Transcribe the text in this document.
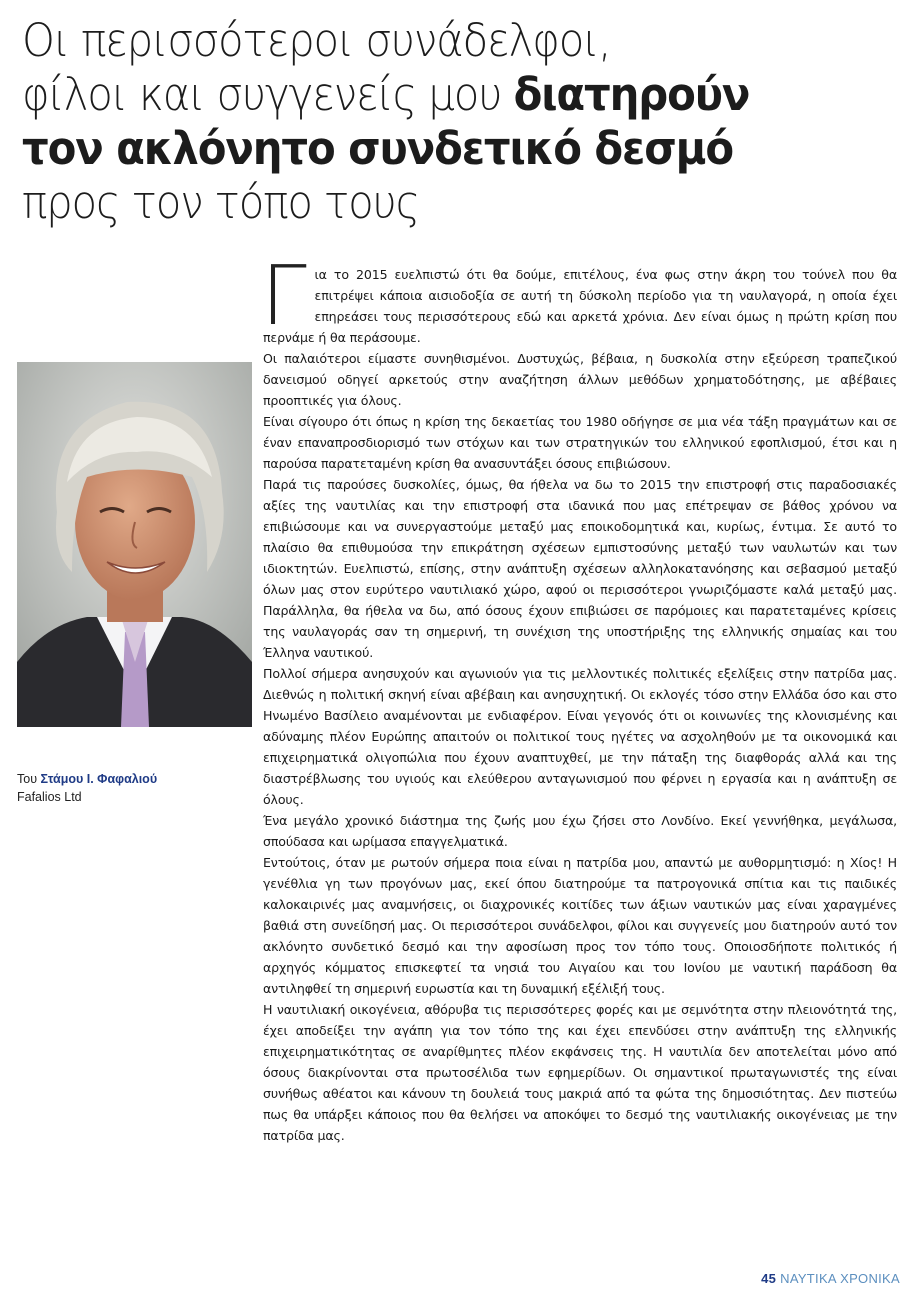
Οι περισσότεροι συνάδελφοι,
φίλοι και συγγενείς μου διατηρούν
τον ακλόνητο συνδετικό δεσμό
προς τον τόπο τους
Του Στάμου Ι. Φαφαλιού
Fafalios Ltd

Για το 2015 ευελπιστώ ότι θα δούμε, επιτέλους, ένα φως στην άκρη του τούνελ που θα επιτρέψει κάποια αισιοδοξία σε αυτή τη δύσκολη περίοδο για τη ναυλαγορά, η οποία έχει επηρεάσει τους περισσότερους εδώ και αρκετά χρόνια. Δεν είναι όμως η πρώτη κρίση που περνάμε ή θα περάσουμε.

Οι παλαιότεροι είμαστε συνηθισμένοι. Δυστυχώς, βέβαια, η δυσκολία στην εξεύρεση τραπεζικού δανεισμού οδηγεί αρκετούς στην αναζήτηση άλλων μεθόδων χρηματοδότησης, με αβέβαιες προοπτικές για όλους.

Είναι σίγουρο ότι όπως η κρίση της δεκαετίας του 1980 οδήγησε σε μια νέα τάξη πραγμάτων και σε έναν επαναπροσδιορισμό των στόχων και των στρατηγικών του ελληνικού εφοπλισμού, έτσι και η παρούσα παρατεταμένη κρίση θα ανασυντάξει όσους επιβιώσουν.

Παρά τις παρούσες δυσκολίες, όμως, θα ήθελα να δω το 2015 την επιστροφή στις παραδοσιακές αξίες της ναυτιλίας και την επιστροφή στα ιδανικά που μας επέτρεψαν σε βάθος χρόνου να επιβιώσουμε και να συνεργαστούμε μεταξύ μας εποικοδομητικά και, κυρίως, έντιμα. Σε αυτό το πλαίσιο θα επιθυμούσα την επικράτηση σχέσεων εμπιστοσύνης μεταξύ των ναυλωτών και των ιδιοκτητών. Ευελπιστώ, επίσης, στην ανάπτυξη σχέσεων αλληλοκατανόησης και σεβασμού μεταξύ όλων μας στον ευρύτερο ναυτιλιακό χώρο, αφού οι περισσότεροι γνωριζόμαστε καλά μεταξύ μας. Παράλληλα, θα ήθελα να δω, από όσους έχουν επιβιώσει σε παρόμοιες και παρατεταμένες κρίσεις της ναυλαγοράς σαν τη σημερινή, τη συνέχιση της υποστήριξης της ελληνικής σημαίας και του Έλληνα ναυτικού.

Πολλοί σήμερα ανησυχούν και αγωνιούν για τις μελλοντικές πολιτικές εξελίξεις στην πατρίδα μας. Διεθνώς η πολιτική σκηνή είναι αβέβαιη και ανησυχητική. Οι εκλογές τόσο στην Ελλάδα όσο και στο Ηνωμένο Βασίλειο αναμένονται με ενδιαφέρον. Είναι γεγονός ότι οι κοινωνίες της κλονισμένης και αδύναμης πλέον Ευρώπης απαιτούν οι πολιτικοί τους ηγέτες να ασχοληθούν με τα οικονομικά και επιχειρηματικά ολιγοπώλια που έχουν αναπτυχθεί, με την πάταξη της διαφθοράς αλλά και της διαστρέβλωσης του υγιούς και ελεύθερου ανταγωνισμού που φέρνει η εργασία και η ανάπτυξη σε όλους.

Ένα μεγάλο χρονικό διάστημα της ζωής μου έχω ζήσει στο Λονδίνο. Εκεί γεννήθηκα, μεγάλωσα, σπούδασα και ωρίμασα επαγγελματικά.

Εντούτοις, όταν με ρωτούν σήμερα ποια είναι η πατρίδα μου, απαντώ με αυθορμητισμό: η Χίος! Η γενέθλια γη των προγόνων μας, εκεί όπου διατηρούμε τα πατρογονικά σπίτια και τις παιδικές καλοκαιρινές μας αναμνήσεις, οι διαχρονικές κοιτίδες των άξιων ναυτικών μας είναι χαραγμένες βαθιά στη συνείδησή μας. Οι περισσότεροι συνάδελφοι, φίλοι και συγγενείς μου διατηρούν αυτό τον ακλόνητο συνδετικό δεσμό και την αφοσίωση προς τον τόπο τους. Οποιοσδήποτε πολιτικός ή αρχηγός κόμματος επισκεφτεί τα νησιά του Αιγαίου και του Ιονίου με ναυτική παράδοση θα αντιληφθεί τη σημερινή ευρωστία και τη δυναμική εξέλιξή τους.

Η ναυτιλιακή οικογένεια, αθόρυβα τις περισσότερες φορές και με σεμνότητα στην πλειονότητά της, έχει αποδείξει την αγάπη για τον τόπο της και έχει επενδύσει στην ανάπτυξη της ελληνικής επιχειρηματικότητας σε αναρίθμητες πλέον εκφάνσεις της. Η ναυτιλία δεν αποτελείται μόνο από όσους διακρίνονται στα πρωτοσέλιδα των εφημερίδων. Οι σημαντικοί πρωταγωνιστές της είναι συνήθως αθέατοι και κάνουν τη δουλειά τους μακριά από τα φώτα της δημοσιότητας. Δεν πιστεύω πως θα υπάρξει κάποιος που θα θελήσει να αποκόψει το δεσμό της ναυτιλιακής οικογένειας με την πατρίδα μας.

45 ΝΑΥΤΙΚΑ ΧΡΟΝΙΚΑ
